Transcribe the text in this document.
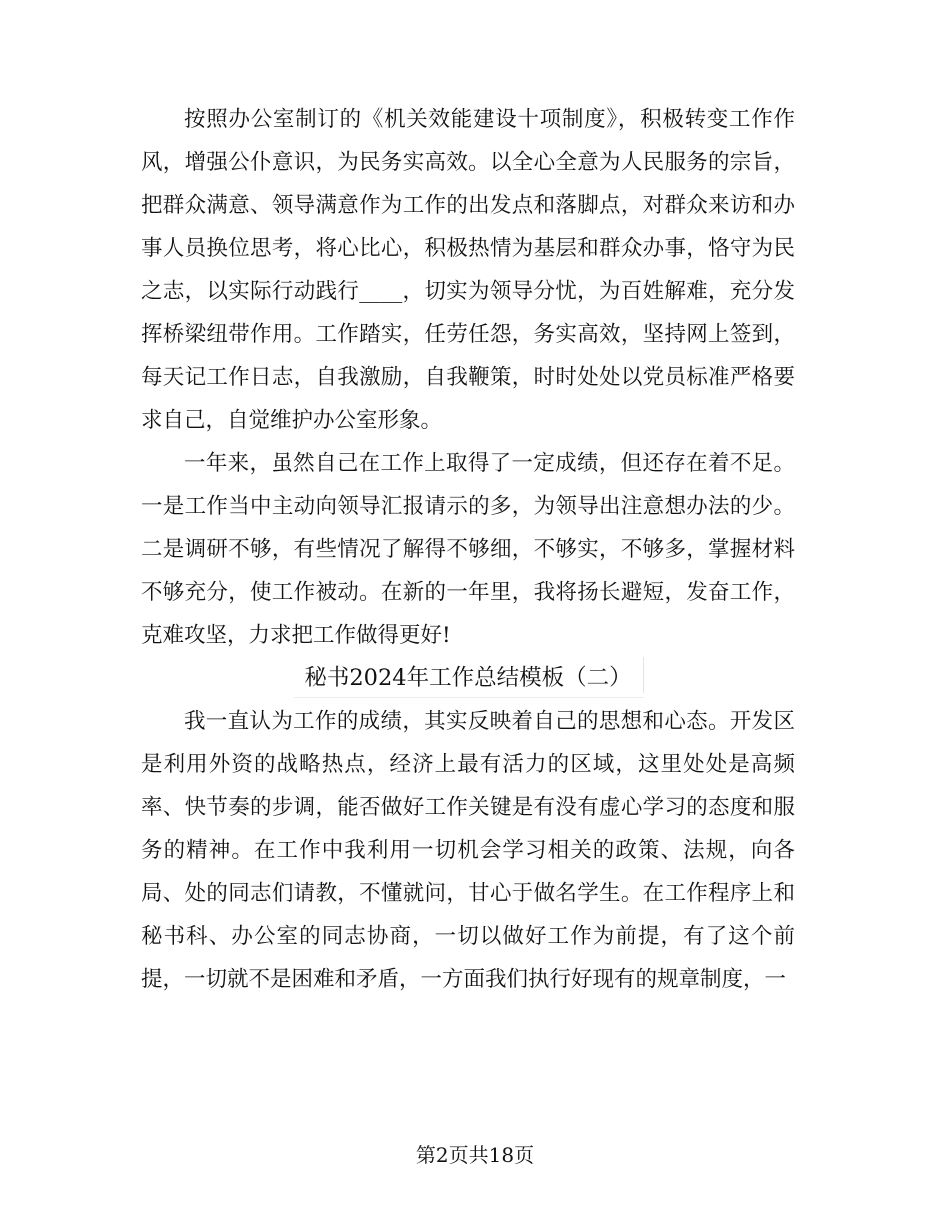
按照办公室制订的《机关效能建设十项制度》，积极转变工作作风，增强公仆意识，为民务实高效。以全心全意为人民服务的宗旨，把群众满意、领导满意作为工作的出发点和落脚点，对群众来访和办事人员换位思考，将心比心，积极热情为基层和群众办事，恪守为民之志，以实际行动践行____，切实为领导分忧，为百姓解难，充分发挥桥梁纽带作用。工作踏实，任劳任怨，务实高效，坚持网上签到，每天记工作日志，自我激励，自我鞭策，时时处处以党员标准严格要求自己，自觉维护办公室形象。

一年来，虽然自己在工作上取得了一定成绩，但还存在着不足。一是工作当中主动向领导汇报请示的多，为领导出注意想办法的少。二是调研不够，有些情况了解得不够细，不够实，不够多，掌握材料不够充分，使工作被动。在新的一年里，我将扬长避短，发奋工作，克难攻坚，力求把工作做得更好!

秘书2024年工作总结模板（二）

我一直认为工作的成绩，其实反映着自己的思想和心态。开发区是利用外资的战略热点，经济上最有活力的区域，这里处处是高频率、快节奏的步调，能否做好工作关键是有没有虚心学习的态度和服务的精神。在工作中我利用一切机会学习相关的政策、法规，向各局、处的同志们请教，不懂就问，甘心于做名学生。在工作程序上和秘书科、办公室的同志协商，一切以做好工作为前提，有了这个前提，一切就不是困难和矛盾，一方面我们执行好现有的规章制度，一

第2页共18页
